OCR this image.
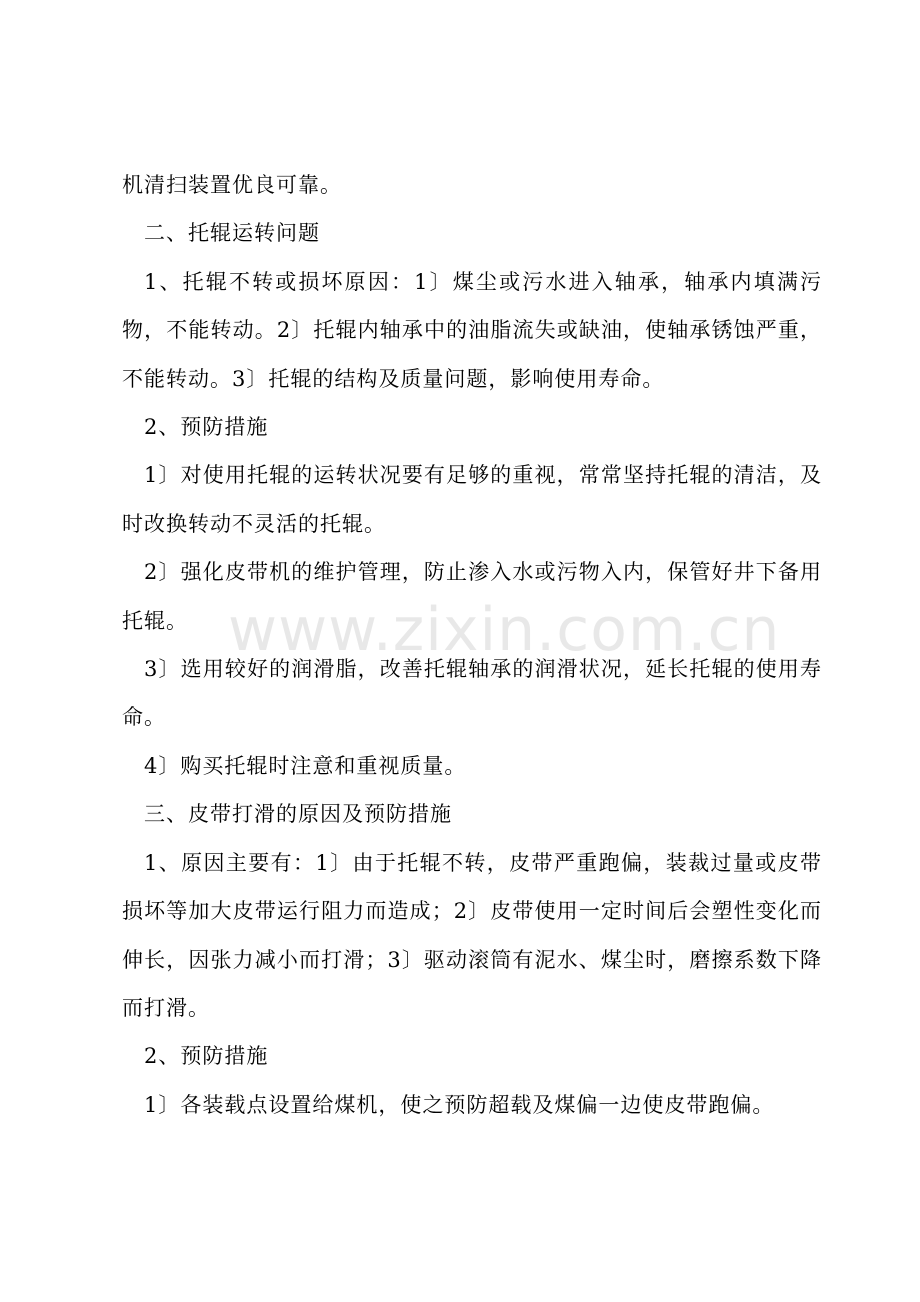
机清扫装置优良可靠。

二、托辊运转问题

1、托辊不转或损坏原因：1〕煤尘或污水进入轴承，轴承内填满污物，不能转动。2〕托辊内轴承中的油脂流失或缺油，使轴承锈蚀严重，不能转动。3〕托辊的结构及质量问题，影响使用寿命。

2、预防措施

1〕对使用托辊的运转状况要有足够的重视，常常坚持托辊的清洁，及时改换转动不灵活的托辊。

2〕强化皮带机的维护管理，防止渗入水或污物入内，保管好井下备用托辊。

3〕选用较好的润滑脂，改善托辊轴承的润滑状况，延长托辊的使用寿命。

4〕购买托辊时注意和重视质量。

三、皮带打滑的原因及预防措施

1、原因主要有：1〕由于托辊不转，皮带严重跑偏，装裁过量或皮带损坏等加大皮带运行阻力而造成；2〕皮带使用一定时间后会塑性变化而伸长，因张力减小而打滑；3〕驱动滚筒有泥水、煤尘时，磨擦系数下降而打滑。

2、预防措施

1〕各装载点设置给煤机，使之预防超载及煤偏一边使皮带跑偏。

www.zixin.com.cn
